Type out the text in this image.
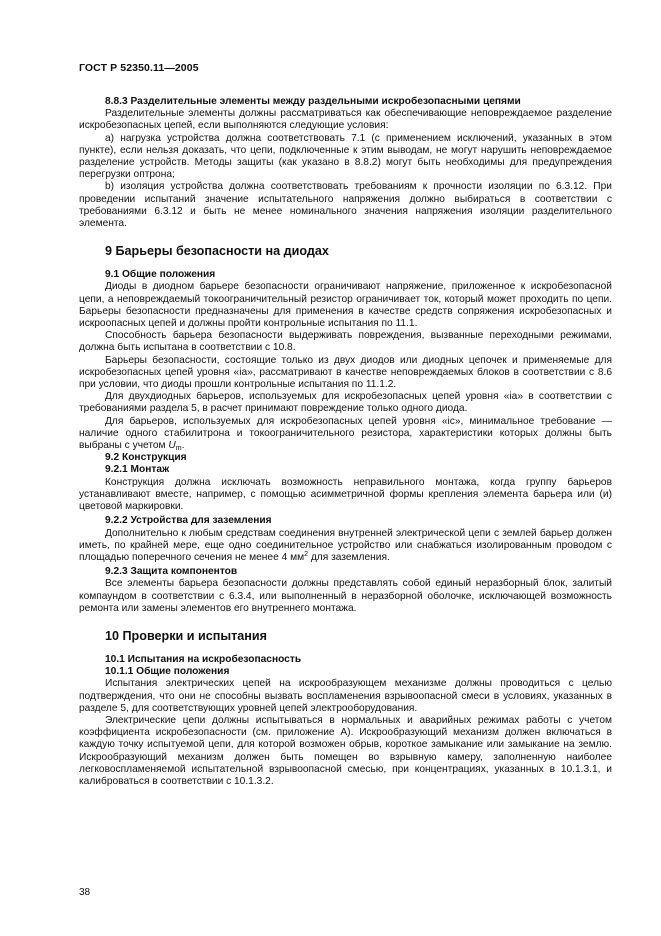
ГОСТ Р 52350.11—2005
8.8.3 Разделительные элементы между раздельными искробезопасными цепями

Разделительные элементы должны рассматриваться как обеспечивающие неповреждаемое разделение искробезопасных цепей, если выполняются следующие условия:

a) нагрузка устройства должна соответствовать 7.1 (с применением исключений, указанных в этом пункте), если нельзя доказать, что цепи, подключенные к этим выводам, не могут нарушить неповреждаемое разделение устройств. Методы защиты (как указано в 8.8.2) могут быть необходимы для предупреждения перегрузки оптрона;

b) изоляция устройства должна соответствовать требованиям к прочности изоляции по 6.3.12. При проведении испытаний значение испытательного напряжения должно выбираться в соответствии с требованиями 6.3.12 и быть не менее номинального значения напряжения изоляции разделительного элемента.

9 Барьеры безопасности на диодах
9.1 Общие положения

Диоды в диодном барьере безопасности ограничивают напряжение, приложенное к искробезопасной цепи, а неповреждаемый токоограничительный резистор ограничивает ток, который может проходить по цепи. Барьеры безопасности предназначены для применения в качестве средств сопряжения искробезопасных и искроопасных цепей и должны пройти контрольные испытания по 11.1.

Способность барьера безопасности выдерживать повреждения, вызванные переходными режимами, должна быть испытана в соответствии с 10.8.

Барьеры безопасности, состоящие только из двух диодов или диодных цепочек и применяемые для искробезопасных цепей уровня «ia», рассматривают в качестве неповреждаемых блоков в соответствии с 8.6 при условии, что диоды прошли контрольные испытания по 11.1.2.

Для двухдиодных барьеров, используемых для искробезопасных цепей уровня «ia» в соответствии с требованиями раздела 5, в расчет принимают повреждение только одного диода.

Для барьеров, используемых для искробезопасных цепей уровня «ic», минимальное требование — наличие одного стабилитрона и токоограничительного резистора, характеристики которых должны быть выбраны с учетом $U_m$.

9.2 Конструкция
9.2.1 Монтаж

Конструкция должна исключать возможность неправильного монтажа, когда группу барьеров устанавливают вместе, например, с помощью асимметричной формы крепления элемента барьера или (и) цветовой маркировки.

9.2.2 Устройства для заземления

Дополнительно к любым средствам соединения внутренней электрической цепи с землей барьер должен иметь, по крайней мере, еще одно соединительное устройство или снабжаться изолированным проводом с площадью поперечного сечения не менее 4 $мм^2$ для заземления.

9.2.3 Защита компонентов

Все элементы барьера безопасности должны представлять собой единый неразборный блок, залитый компаундом в соответствии с 6.3.4, или выполненный в неразборной оболочке, исключающей возможность ремонта или замены элементов его внутреннего монтажа.

10 Проверки и испытания
10.1 Испытания на искробезопасность
10.1.1 Общие положения

Испытания электрических цепей на искрообразующем механизме должны проводиться с целью подтверждения, что они не способны вызвать воспламенения взрывоопасной смеси в условиях, указанных в разделе 5, для соответствующих уровней цепей электрооборудования.

Электрические цепи должны испытываться в нормальных и аварийных режимах работы с учетом коэффициента искробезопасности (см. приложение А). Искрообразующий механизм должен включаться в каждую точку испытуемой цепи, для которой возможен обрыв, короткое замыкание или замыкание на землю. Искрообразующий механизм должен быть помещен во взрывную камеру, заполненную наиболее легковоспламеняемой испытательной взрывоопасной смесью, при концентрациях, указанных в 10.1.3.1, и калиброваться в соответствии с 10.1.3.2.

38
